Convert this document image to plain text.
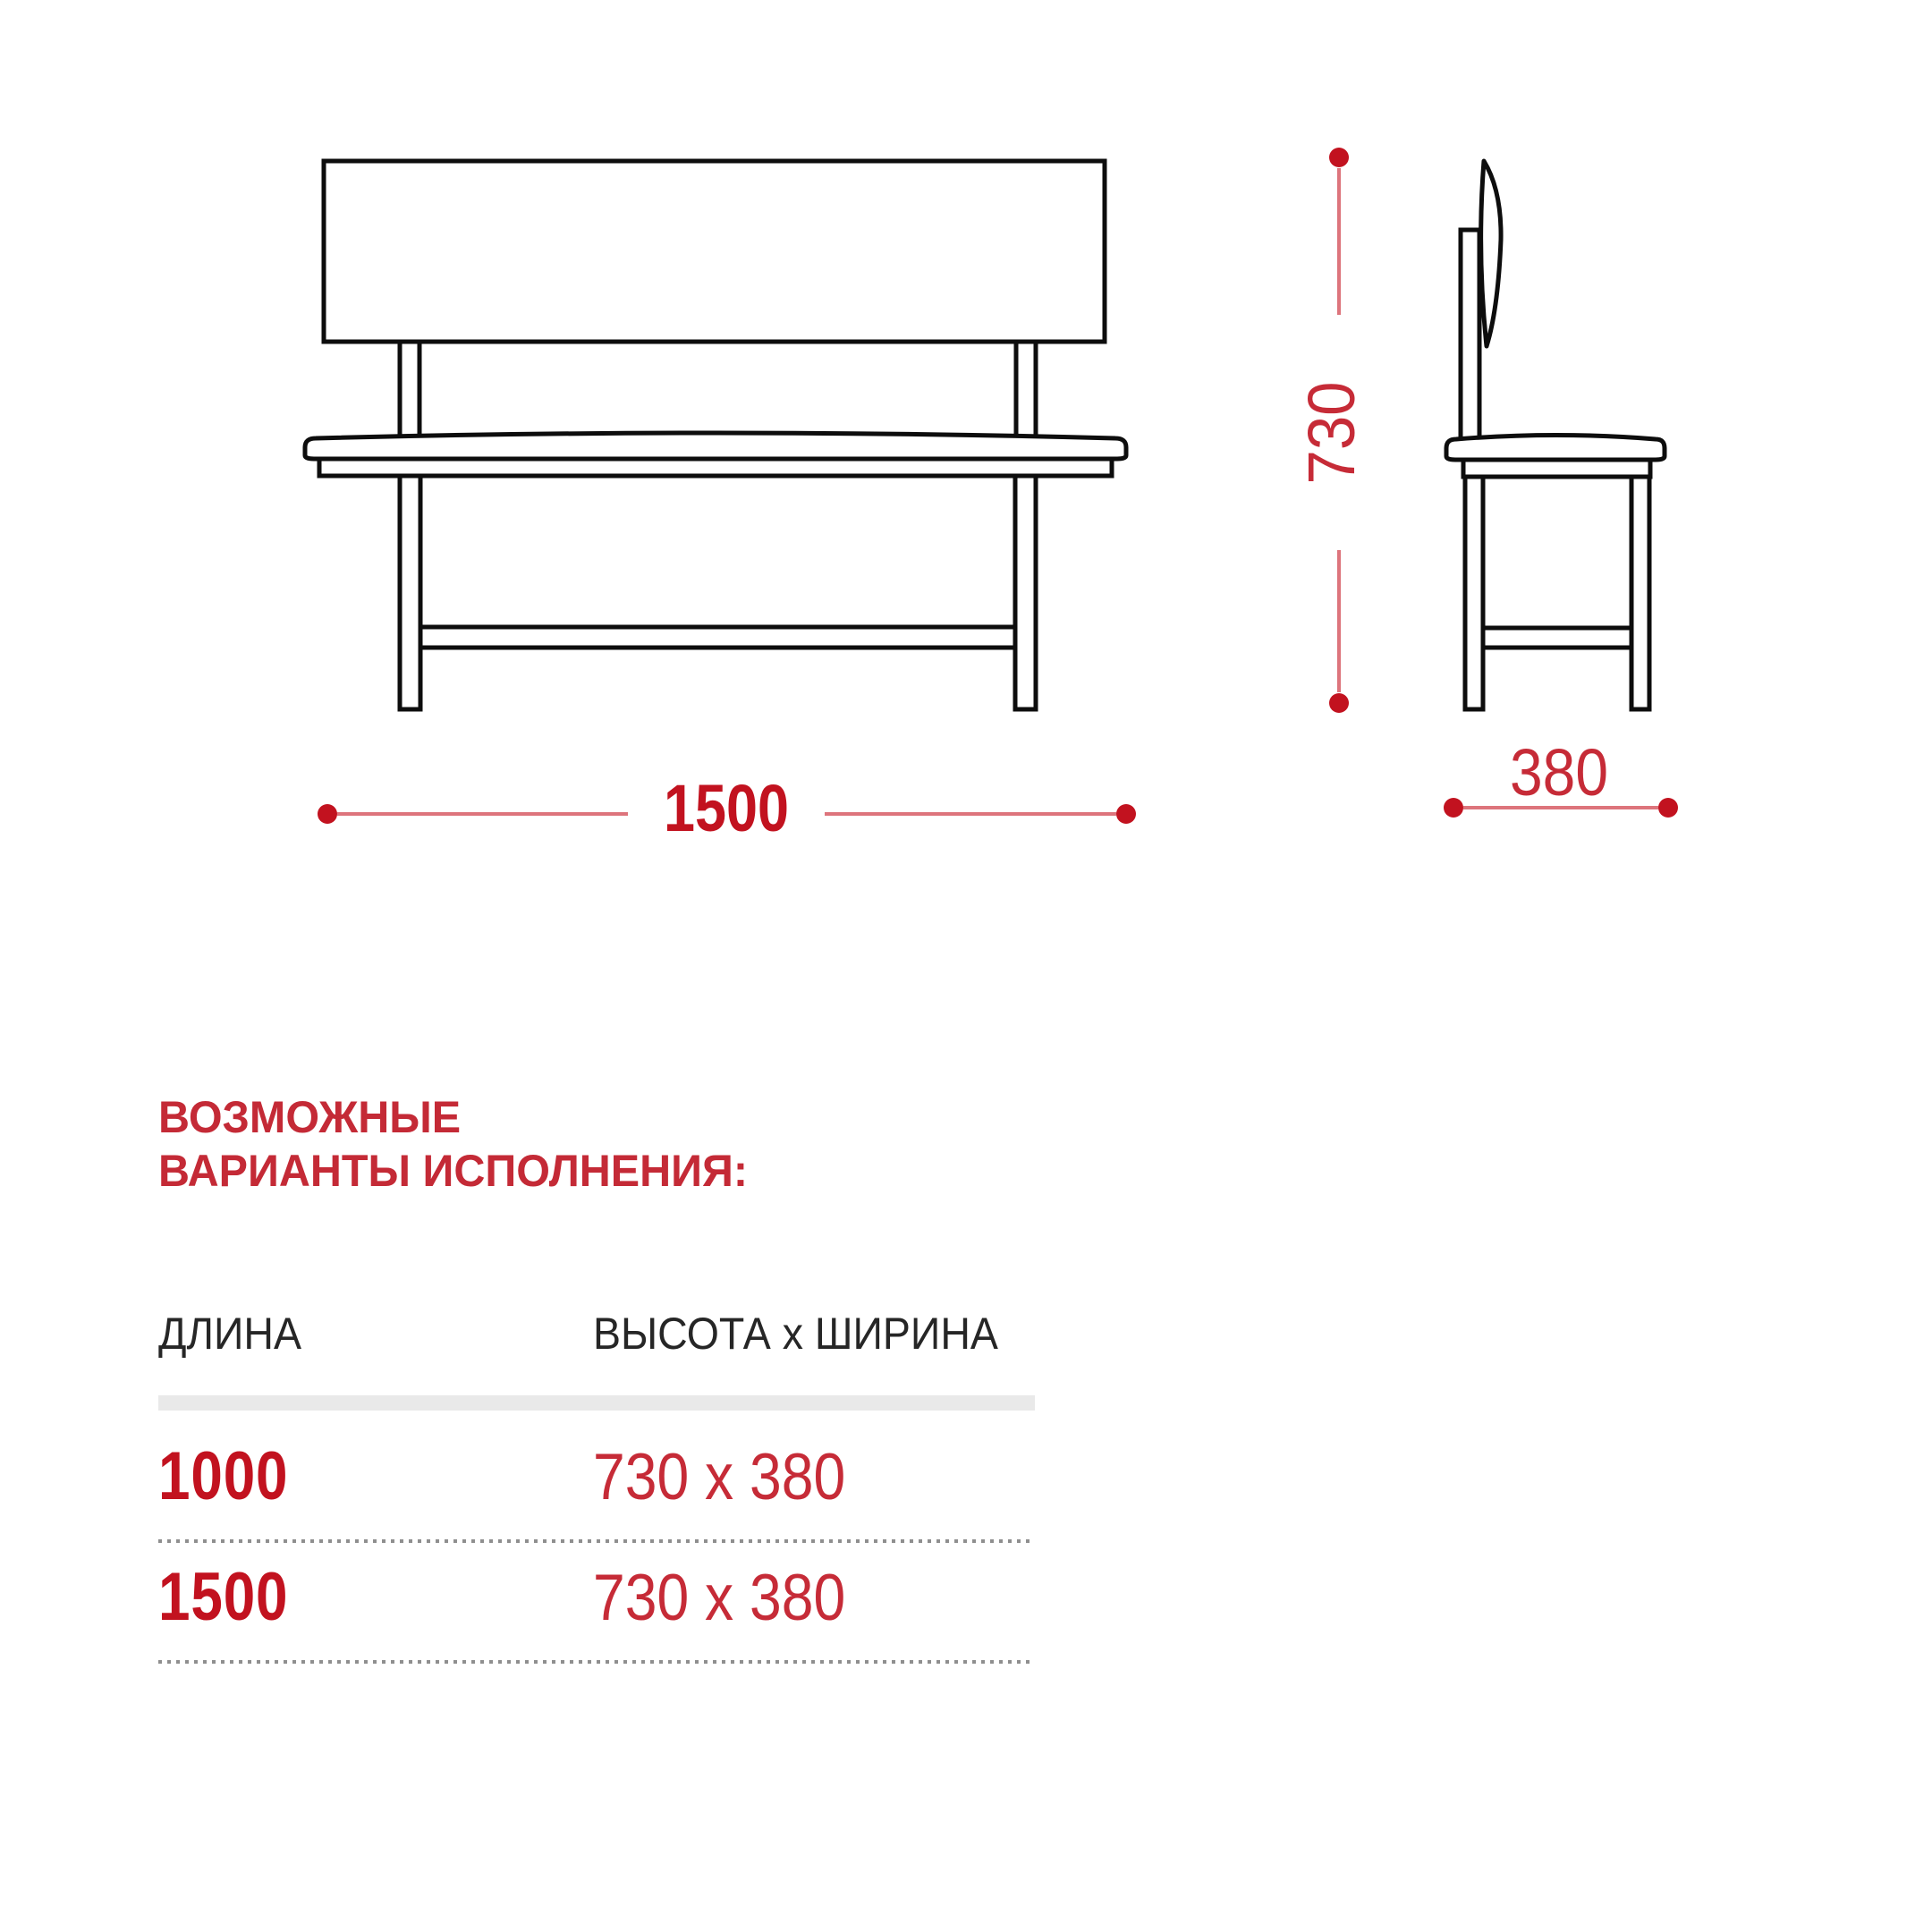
1500
730
380
ВОЗМОЖНЫЕ
ВАРИАНТЫ ИСПОЛНЕНИЯ:
ДЛИНА	ВЫСОТА x ШИРИНА
1000	730 x 380
1500	730 x 380
